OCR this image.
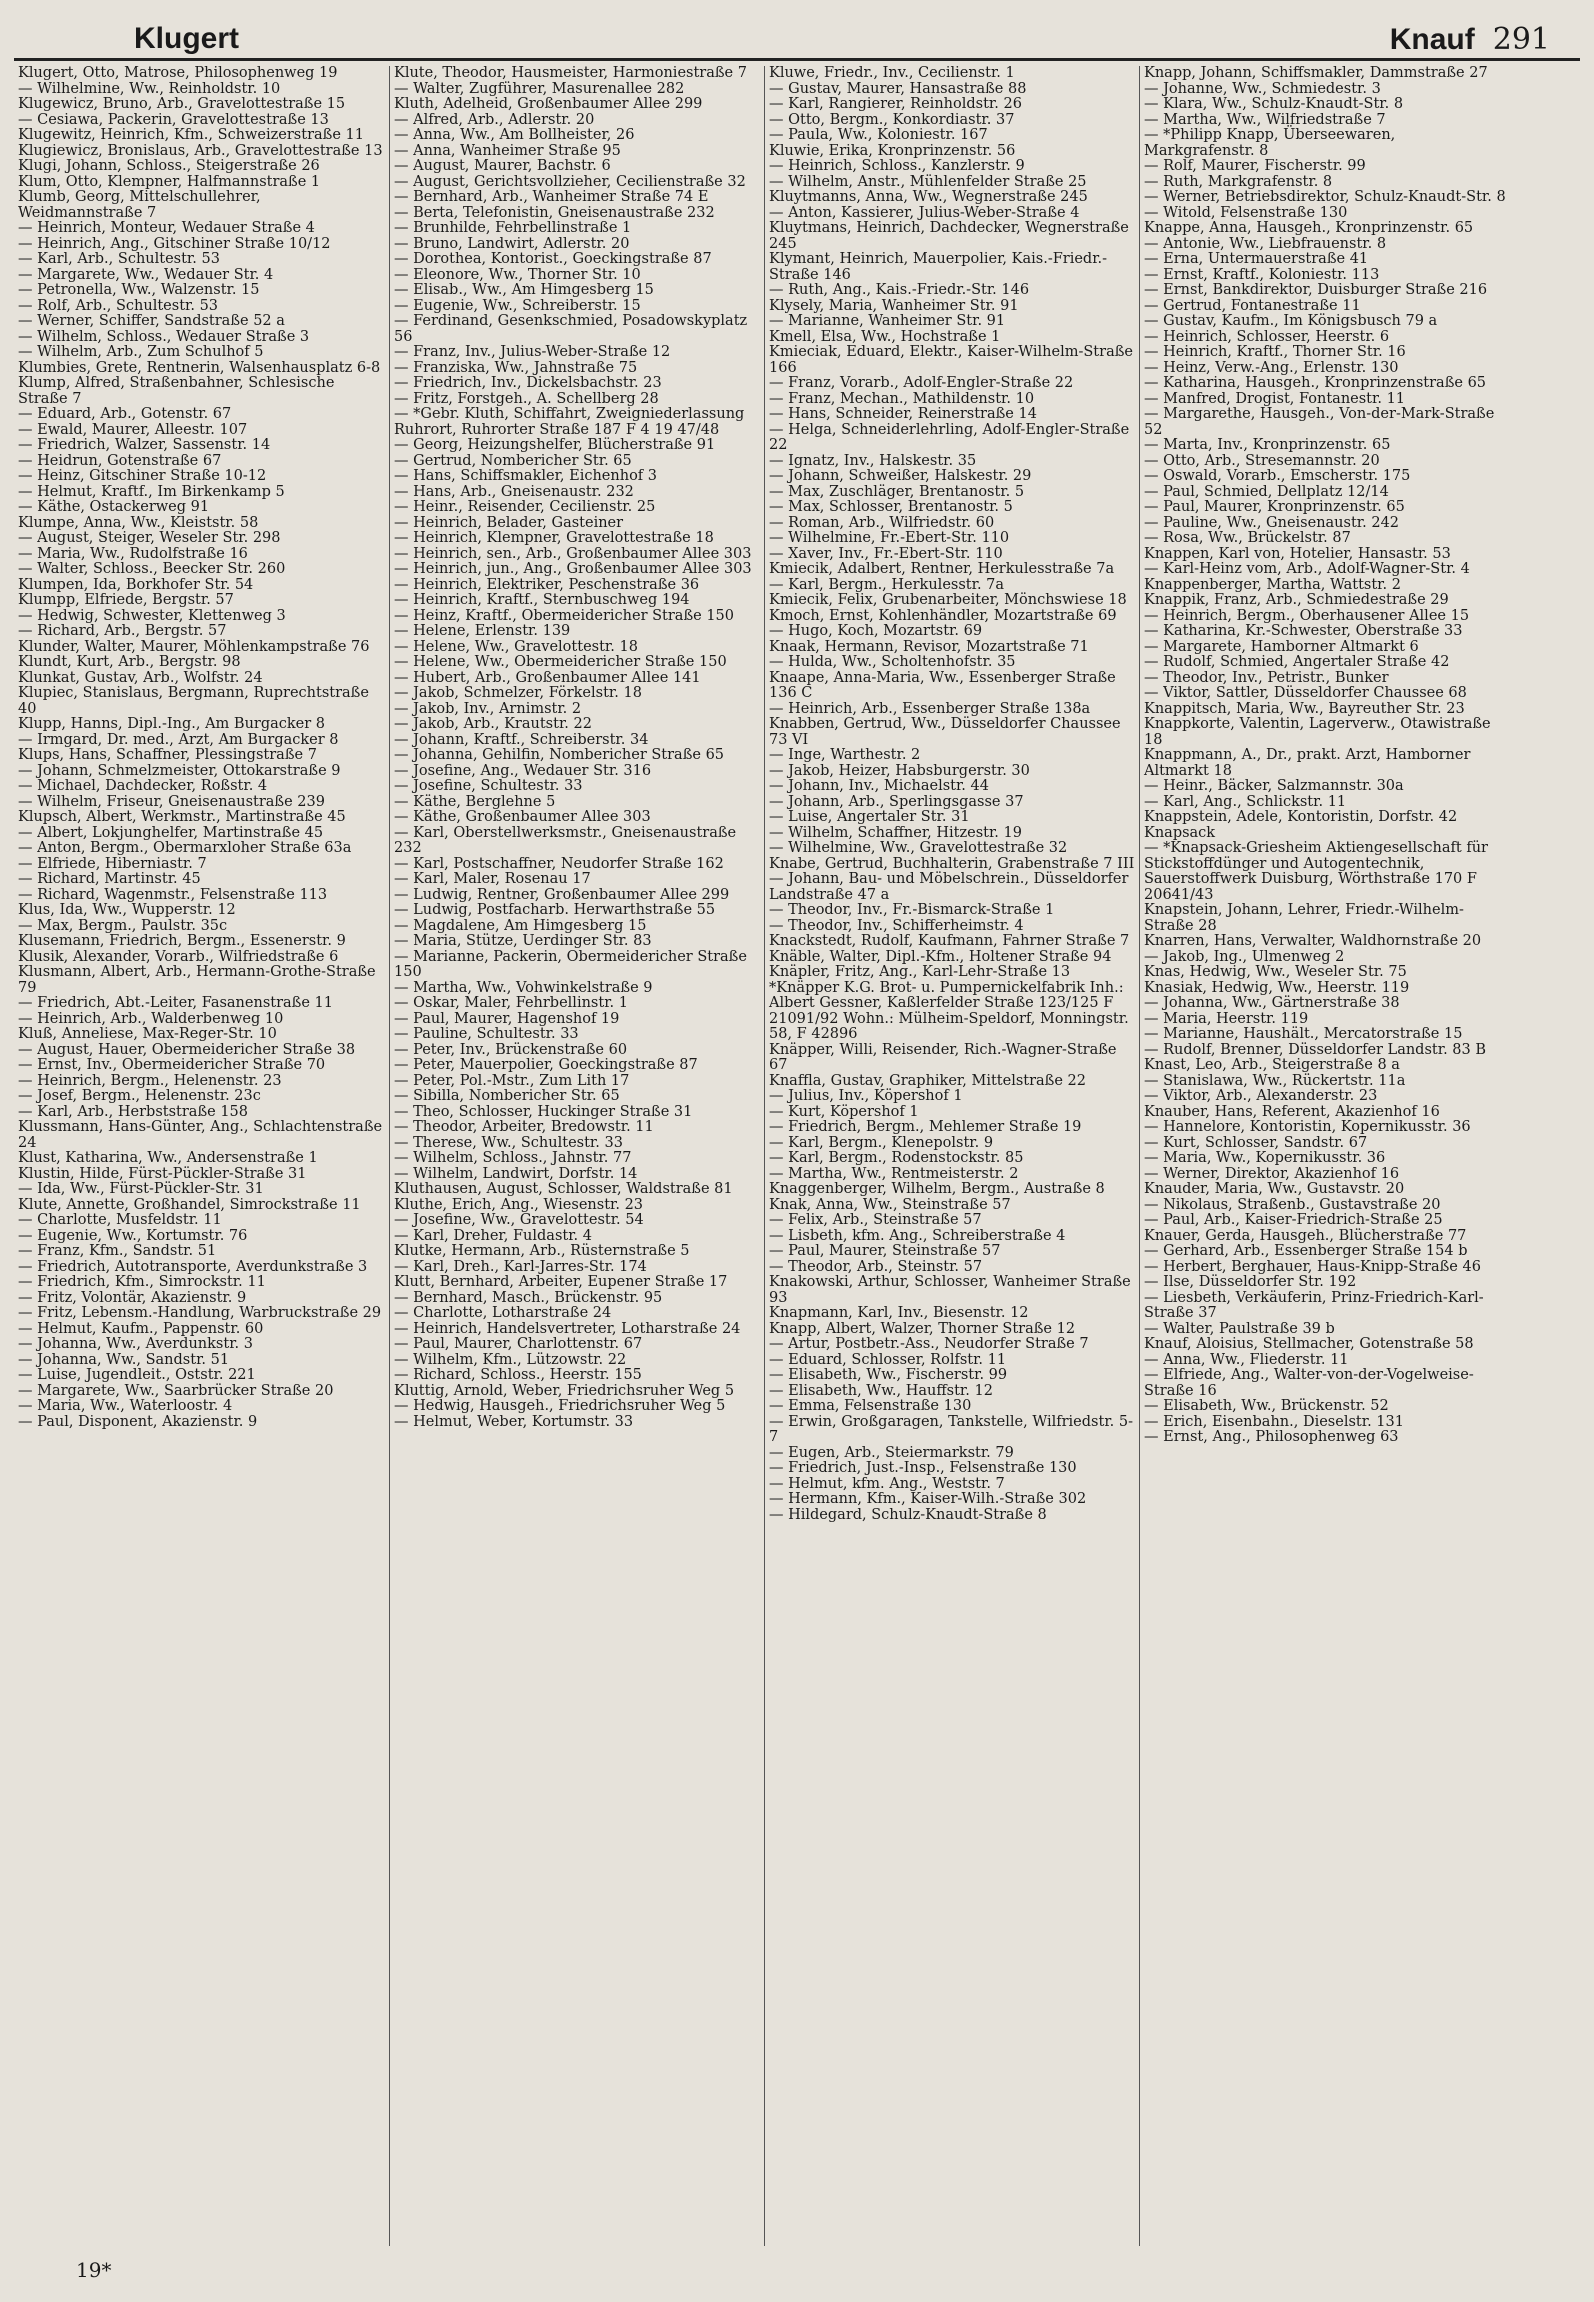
Klugert	Knauf 291

Klugert, Otto, Matrose, Philosophenweg 19

— Wilhelmine, Ww., Reinholdstr. 10

Klugewicz, Bruno, Arb., Gravelottestraße 15

— Cesiawa, Packerin, Gravelottestraße 13

Klugewitz, Heinrich, Kfm., Schweizerstraße 11

Klugiewicz, Bronislaus, Arb., Gravelottestraße 13

Klugi, Johann, Schloss., Steigerstraße 26

Klum, Otto, Klempner, Halfmannstraße 1

Klumb, Georg, Mittelschullehrer, Weidmannstraße 7

— Heinrich, Monteur, Wedauer Straße 4

— Heinrich, Ang., Gitschiner Straße 10/12

— Karl, Arb., Schultestr. 53

— Margarete, Ww., Wedauer Str. 4

— Petronella, Ww., Walzenstr. 15

— Rolf, Arb., Schultestr. 53

— Werner, Schiffer, Sandstraße 52 a

— Wilhelm, Schloss., Wedauer Straße 3

— Wilhelm, Arb., Zum Schulhof 5

Klumbies, Grete, Rentnerin, Walsenhausplatz 6-8

Klump, Alfred, Straßenbahner, Schlesische Straße 7

— Eduard, Arb., Gotenstr. 67

— Ewald, Maurer, Alleestr. 107

— Friedrich, Walzer, Sassenstr. 14

— Heidrun, Gotenstraße 67

— Heinz, Gitschiner Straße 10-12

— Helmut, Kraftf., Im Birkenkamp 5

— Käthe, Ostackerweg 91

Klumpe, Anna, Ww., Kleiststr. 58

— August, Steiger, Weseler Str. 298

— Maria, Ww., Rudolfstraße 16

— Walter, Schloss., Beecker Str. 260

Klumpen, Ida, Borkhofer Str. 54

Klumpp, Elfriede, Bergstr. 57

— Hedwig, Schwester, Klettenweg 3

— Richard, Arb., Bergstr. 57

Klunder, Walter, Maurer, Möhlenkampstraße 76

Klundt, Kurt, Arb., Bergstr. 98

Klunkat, Gustav, Arb., Wolfstr. 24

Klupiec, Stanislaus, Bergmann, Ruprechtstraße 40

Klupp, Hanns, Dipl.-Ing., Am Burgacker 8

— Irmgard, Dr. med., Arzt, Am Burgacker 8

Klups, Hans, Schaffner, Plessingstraße 7

— Johann, Schmelzmeister, Ottokarstraße 9

— Michael, Dachdecker, Roßstr. 4

— Wilhelm, Friseur, Gneisenaustraße 239

Klupsch, Albert, Werkmstr., Martinstraße 45

— Albert, Lokjunghelfer, Martinstraße 45

— Anton, Bergm., Obermarxloher Straße 63a

— Elfriede, Hiberniastr. 7

— Richard, Martinstr. 45

— Richard, Wagenmstr., Felsenstraße 113

Klus, Ida, Ww., Wupperstr. 12

— Max, Bergm., Paulstr. 35c

Klusemann, Friedrich, Bergm., Essenerstr. 9

Klusik, Alexander, Vorarb., Wilfriedstraße 6

Klusmann, Albert, Arb., Hermann-Grothe-Straße 79

— Friedrich, Abt.-Leiter, Fasanenstraße 11

— Heinrich, Arb., Walderbenweg 10

Kluß, Anneliese, Max-Reger-Str. 10

— August, Hauer, Obermeidericher Straße 38

— Ernst, Inv., Obermeidericher Straße 70

— Heinrich, Bergm., Helenenstr. 23

— Josef, Bergm., Helenenstr. 23c

— Karl, Arb., Herbststraße 158

Klussmann, Hans-Günter, Ang., Schlachtenstraße 24

Klust, Katharina, Ww., Andersenstraße 1

Klustin, Hilde, Fürst-Pückler-Straße 31

— Ida, Ww., Fürst-Pückler-Str. 31

Klute, Annette, Großhandel, Simrockstraße 11

— Charlotte, Musfeldstr. 11

— Eugenie, Ww., Kortumstr. 76

— Franz, Kfm., Sandstr. 51

— Friedrich, Autotransporte, Averdunkstraße 3

— Friedrich, Kfm., Simrockstr. 11

— Fritz, Volontär, Akazienstr. 9

— Fritz, Lebensm.-Handlung, Warbruckstraße 29

— Helmut, Kaufm., Pappenstr. 60

— Johanna, Ww., Averdunkstr. 3

— Johanna, Ww., Sandstr. 51

— Luise, Jugendleit., Oststr. 221

— Margarete, Ww., Saarbrücker Straße 20

— Maria, Ww., Waterloostr. 4

— Paul, Disponent, Akazienstr. 9

Klute, Theodor, Hausmeister, Harmoniestraße 7

— Walter, Zugführer, Masurenallee 282

Kluth, Adelheid, Großenbaumer Allee 299

— Alfred, Arb., Adlerstr. 20

— Anna, Ww., Am Bollheister, 26

— Anna, Wanheimer Straße 95

— August, Maurer, Bachstr. 6

— August, Gerichtsvollzieher, Cecilienstraße 32

— Bernhard, Arb., Wanheimer Straße 74 E

— Berta, Telefonistin, Gneisenaustraße 232

— Brunhilde, Fehrbellinstraße 1

— Bruno, Landwirt, Adlerstr. 20

— Dorothea, Kontorist., Goeckingstraße 87

— Eleonore, Ww., Thorner Str. 10

— Elisab., Ww., Am Himgesberg 15

— Eugenie, Ww., Schreiberstr. 15

— Ferdinand, Gesenkschmied, Posadowskyplatz 56

— Franz, Inv., Julius-Weber-Straße 12

— Franziska, Ww., Jahnstraße 75

— Friedrich, Inv., Dickelsbachstr. 23

— Fritz, Forstgeh., A. Schellberg 28

— *Gebr. Kluth, Schiffahrt, Zweigniederlassung Ruhrort, Ruhrorter Straße 187 F 4 19 47/48

— Georg, Heizungshelfer, Blücherstraße 91

— Gertrud, Nombericher Str. 65

— Hans, Schiffsmakler, Eichenhof 3

— Hans, Arb., Gneisenaustr. 232

— Heinr., Reisender, Cecilienstr. 25

— Heinrich, Belader, Gasteiner

— Heinrich, Klempner, Gravelottestraße 18

— Heinrich, sen., Arb., Großenbaumer Allee 303

— Heinrich, jun., Ang., Großenbaumer Allee 303

— Heinrich, Elektriker, Peschenstraße 36

— Heinrich, Kraftf., Sternbuschweg 194

— Heinz, Kraftf., Obermeidericher Straße 150

— Helene, Erlenstr. 139

— Helene, Ww., Gravelottestr. 18

— Helene, Ww., Obermeidericher Straße 150

— Hubert, Arb., Großenbaumer Allee 141

— Jakob, Schmelzer, Förkelstr. 18

— Jakob, Inv., Arnimstr. 2

— Jakob, Arb., Krautstr. 22

— Johann, Kraftf., Schreiberstr. 34

— Johanna, Gehilfin, Nombericher Straße 65

— Josefine, Ang., Wedauer Str. 316

— Josefine, Schultestr. 33

— Käthe, Berglehne 5

— Käthe, Großenbaumer Allee 303

— Karl, Oberstellwerksmstr., Gneisenaustraße 232

— Karl, Postschaffner, Neudorfer Straße 162

— Karl, Maler, Rosenau 17

— Ludwig, Rentner, Großenbaumer Allee 299

— Ludwig, Postfacharb. Herwarthstraße 55

— Magdalene, Am Himgesberg 15

— Maria, Stütze, Uerdinger Str. 83

— Marianne, Packerin, Obermeidericher Straße 150

— Martha, Ww., Vohwinkelstraße 9

— Oskar, Maler, Fehrbellinstr. 1

— Paul, Maurer, Hagenshof 19

— Pauline, Schultestr. 33

— Peter, Inv., Brückenstraße 60

— Peter, Mauerpolier, Goeckingstraße 87

— Peter, Pol.-Mstr., Zum Lith 17

— Sibilla, Nombericher Str. 65

— Theo, Schlosser, Huckinger Straße 31

— Theodor, Arbeiter, Bredowstr. 11

— Therese, Ww., Schultestr. 33

— Wilhelm, Schloss., Jahnstr. 77

— Wilhelm, Landwirt, Dorfstr. 14

Kluthausen, August, Schlosser, Waldstraße 81

Kluthe, Erich, Ang., Wiesenstr. 23

— Josefine, Ww., Gravelottestr. 54

— Karl, Dreher, Fuldastr. 4

Klutke, Hermann, Arb., Rüsternstraße 5

— Karl, Dreh., Karl-Jarres-Str. 174

Klutt, Bernhard, Arbeiter, Eupener Straße 17

— Bernhard, Masch., Brückenstr. 95

— Charlotte, Lotharstraße 24

— Heinrich, Handelsvertreter, Lotharstraße 24

— Paul, Maurer, Charlottenstr. 67

— Wilhelm, Kfm., Lützowstr. 22

— Richard, Schloss., Heerstr. 155

Kluttig, Arnold, Weber, Friedrichsruher Weg 5

— Hedwig, Hausgeh., Friedrichsruher Weg 5

— Helmut, Weber, Kortumstr. 33

Kluwe, Friedr., Inv., Cecilienstr. 1

— Gustav, Maurer, Hansastraße 88

— Karl, Rangierer, Reinholdstr. 26

— Otto, Bergm., Konkordiastr. 37

— Paula, Ww., Koloniestr. 167

Kluwie, Erika, Kronprinzenstr. 56

— Heinrich, Schloss., Kanzlerstr. 9

— Wilhelm, Anstr., Mühlenfelder Straße 25

Kluytmanns, Anna, Ww., Wegnerstraße 245

— Anton, Kassierer, Julius-Weber-Straße 4

Kluytmans, Heinrich, Dachdecker, Wegnerstraße 245

Klymant, Heinrich, Mauerpolier, Kais.-Friedr.-Straße 146

— Ruth, Ang., Kais.-Friedr.-Str. 146

Klysely, Maria, Wanheimer Str. 91

— Marianne, Wanheimer Str. 91

Kmell, Elsa, Ww., Hochstraße 1

Kmieciak, Eduard, Elektr., Kaiser-Wilhelm-Straße 166

— Franz, Vorarb., Adolf-Engler-Straße 22

— Franz, Mechan., Mathildenstr. 10

— Hans, Schneider, Reinerstraße 14

— Helga, Schneiderlehrling, Adolf-Engler-Straße 22

— Ignatz, Inv., Halskestr. 35

— Johann, Schweißer, Halskestr. 29

— Max, Zuschläger, Brentanostr. 5

— Max, Schlosser, Brentanostr. 5

— Roman, Arb., Wilfriedstr. 60

— Wilhelmine, Fr.-Ebert-Str. 110

— Xaver, Inv., Fr.-Ebert-Str. 110

Kmiecik, Adalbert, Rentner, Herkulesstraße 7a

— Karl, Bergm., Herkulesstr. 7a

Kmiecik, Felix, Grubenarbeiter, Mönchswiese 18

Kmoch, Ernst, Kohlenhändler, Mozartstraße 69

— Hugo, Koch, Mozartstr. 69

Knaak, Hermann, Revisor, Mozartstraße 71

— Hulda, Ww., Scholtenhofstr. 35

Knaape, Anna-Maria, Ww., Essenberger Straße 136 C

— Heinrich, Arb., Essenberger Straße 138a

Knabben, Gertrud, Ww., Düsseldorfer Chaussee 73 VI

— Inge, Warthestr. 2

— Jakob, Heizer, Habsburgerstr. 30

— Johann, Inv., Michaelstr. 44

— Johann, Arb., Sperlingsgasse 37

— Luise, Angertaler Str. 31

— Wilhelm, Schaffner, Hitzestr. 19

— Wilhelmine, Ww., Gravelottestraße 32

Knabe, Gertrud, Buchhalterin, Grabenstraße 7 III

— Johann, Bau- und Möbelschrein., Düsseldorfer Landstraße 47 a

— Theodor, Inv., Fr.-Bismarck-Straße 1

— Theodor, Inv., Schifferheimstr. 4

Knackstedt, Rudolf, Kaufmann, Fahrner Straße 7

Knäble, Walter, Dipl.-Kfm., Holtener Straße 94

Knäpler, Fritz, Ang., Karl-Lehr-Straße 13

*Knäpper K.G. Brot- u. Pumpernickelfabrik Inh.: Albert Gessner, Kaßlerfelder Straße 123/125 F 21091/92 Wohn.: Mülheim-Speldorf, Monningstr. 58, F 42896

Knäpper, Willi, Reisender, Rich.-Wagner-Straße 67

Knaffla, Gustav, Graphiker, Mittelstraße 22

— Julius, Inv., Köpershof 1

— Kurt, Köpershof 1

— Friedrich, Bergm., Mehlemer Straße 19

— Karl, Bergm., Klenepolstr. 9

— Karl, Bergm., Rodenstockstr. 85

— Martha, Ww., Rentmeisterstr. 2

Knaggenberger, Wilhelm, Bergm., Austraße 8

Knak, Anna, Ww., Steinstraße 57

— Felix, Arb., Steinstraße 57

— Lisbeth, kfm. Ang., Schreiberstraße 4

— Paul, Maurer, Steinstraße 57

— Theodor, Arb., Steinstr. 57

Knakowski, Arthur, Schlosser, Wanheimer Straße 93

Knapmann, Karl, Inv., Biesenstr. 12

Knapp, Albert, Walzer, Thorner Straße 12

— Artur, Postbetr.-Ass., Neudorfer Straße 7

— Eduard, Schlosser, Rolfstr. 11

— Elisabeth, Ww., Fischerstr. 99

— Elisabeth, Ww., Hauffstr. 12

— Emma, Felsenstraße 130

— Erwin, Großgaragen, Tankstelle, Wilfriedstr. 5-7

— Eugen, Arb., Steiermarkstr. 79

— Friedrich, Just.-Insp., Felsenstraße 130

— Helmut, kfm. Ang., Weststr. 7

— Hermann, Kfm., Kaiser-Wilh.-Straße 302

— Hildegard, Schulz-Knaudt-Straße 8

Knapp, Johann, Schiffsmakler, Dammstraße 27

— Johanne, Ww., Schmiedestr. 3

— Klara, Ww., Schulz-Knaudt-Str. 8

— Martha, Ww., Wilfriedstraße 7

— *Philipp Knapp, Überseewaren, Markgrafenstr. 8

— Rolf, Maurer, Fischerstr. 99

— Ruth, Markgrafenstr. 8

— Werner, Betriebsdirektor, Schulz-Knaudt-Str. 8

— Witold, Felsenstraße 130

Knappe, Anna, Hausgeh., Kronprinzenstr. 65

— Antonie, Ww., Liebfrauenstr. 8

— Erna, Untermauerstraße 41

— Ernst, Kraftf., Koloniestr. 113

— Ernst, Bankdirektor, Duisburger Straße 216

— Gertrud, Fontanestraße 11

— Gustav, Kaufm., Im Königsbusch 79 a

— Heinrich, Schlosser, Heerstr. 6

— Heinrich, Kraftf., Thorner Str. 16

— Heinz, Verw.-Ang., Erlenstr. 130

— Katharina, Hausgeh., Kronprinzenstraße 65

— Manfred, Drogist, Fontanestr. 11

— Margarethe, Hausgeh., Von-der-Mark-Straße 52

— Marta, Inv., Kronprinzenstr. 65

— Otto, Arb., Stresemannstr. 20

— Oswald, Vorarb., Emscherstr. 175

— Paul, Schmied, Dellplatz 12/14

— Paul, Maurer, Kronprinzenstr. 65

— Pauline, Ww., Gneisenaustr. 242

— Rosa, Ww., Brückelstr. 87

Knappen, Karl von, Hotelier, Hansastr. 53

— Karl-Heinz vom, Arb., Adolf-Wagner-Str. 4

Knappenberger, Martha, Wattstr. 2

Knappik, Franz, Arb., Schmiedestraße 29

— Heinrich, Bergm., Oberhausener Allee 15

— Katharina, Kr.-Schwester, Oberstraße 33

— Margarete, Hamborner Altmarkt 6

— Rudolf, Schmied, Angertaler Straße 42

— Theodor, Inv., Petristr., Bunker

— Viktor, Sattler, Düsseldorfer Chaussee 68

Knappitsch, Maria, Ww., Bayreuther Str. 23

Knappkorte, Valentin, Lagerverw., Otawistraße 18

Knappmann, A., Dr., prakt. Arzt, Hamborner Altmarkt 18

— Heinr., Bäcker, Salzmannstr. 30a

— Karl, Ang., Schlickstr. 11

Knappstein, Adele, Kontoristin, Dorfstr. 42

Knapsack

— *Knapsack-Griesheim Aktiengesellschaft für Stickstoffdünger und Autogentechnik, Sauerstoffwerk Duisburg, Wörthstraße 170 F 20641/43

Knapstein, Johann, Lehrer, Friedr.-Wilhelm-Straße 28

Knarren, Hans, Verwalter, Waldhornstraße 20

— Jakob, Ing., Ulmenweg 2

Knas, Hedwig, Ww., Weseler Str. 75

Knasiak, Hedwig, Ww., Heerstr. 119

— Johanna, Ww., Gärtnerstraße 38

— Maria, Heerstr. 119

— Marianne, Haushält., Mercatorstraße 15

— Rudolf, Brenner, Düsseldorfer Landstr. 83 B

Knast, Leo, Arb., Steigerstraße 8 a

— Stanislawa, Ww., Rückertstr. 11a

— Viktor, Arb., Alexanderstr. 23

Knauber, Hans, Referent, Akazienhof 16

— Hannelore, Kontoristin, Kopernikusstr. 36

— Kurt, Schlosser, Sandstr. 67

— Maria, Ww., Kopernikusstr. 36

— Werner, Direktor, Akazienhof 16

Knauder, Maria, Ww., Gustavstr. 20

— Nikolaus, Straßenb., Gustavstraße 20

— Paul, Arb., Kaiser-Friedrich-Straße 25

Knauer, Gerda, Hausgeh., Blücherstraße 77

— Gerhard, Arb., Essenberger Straße 154 b

— Herbert, Berghauer, Haus-Knipp-Straße 46

— Ilse, Düsseldorfer Str. 192

— Liesbeth, Verkäuferin, Prinz-Friedrich-Karl-Straße 37

— Walter, Paulstraße 39 b

Knauf, Aloisius, Stellmacher, Gotenstraße 58

— Anna, Ww., Fliederstr. 11

— Elfriede, Ang., Walter-von-der-Vogelweise-Straße 16

— Elisabeth, Ww., Brückenstr. 52

— Erich, Eisenbahn., Dieselstr. 131

— Ernst, Ang., Philosophenweg 63

19*
